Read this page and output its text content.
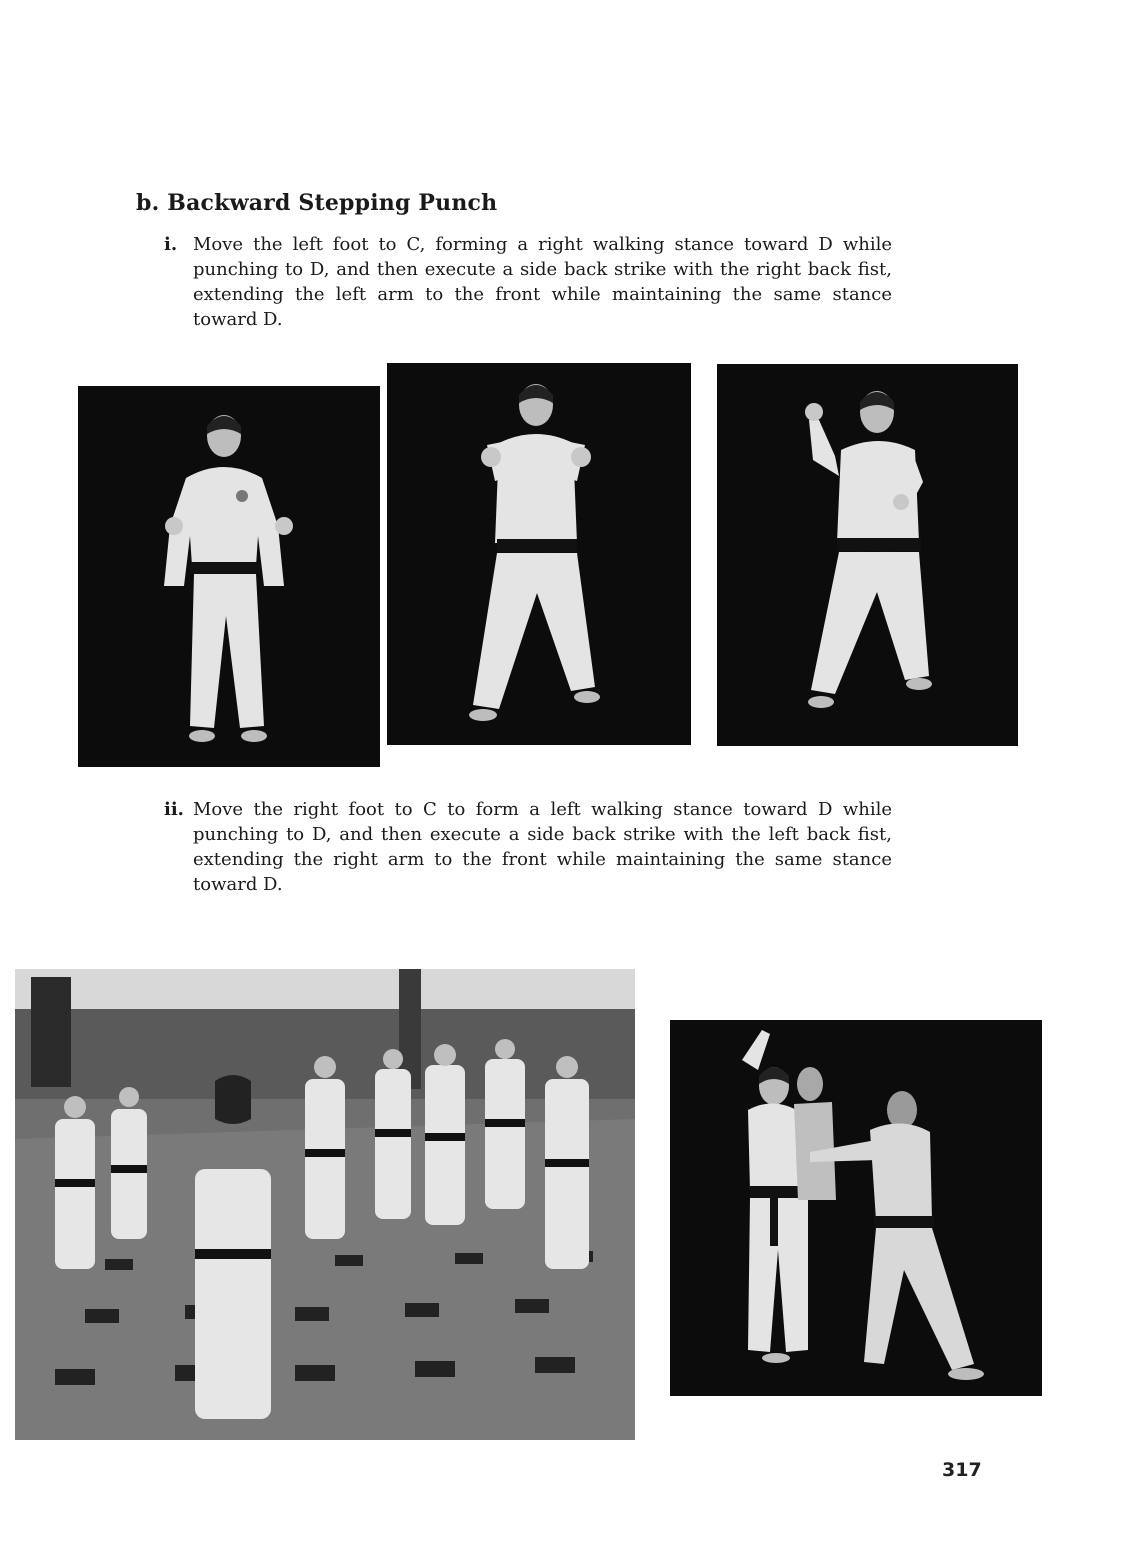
b. Backward Stepping Punch
i. Move the left foot to C, forming a right walking stance toward D while punching to D, and then execute a side back strike with the right back fist, extending the left arm to the front while maintaining the same stance toward D.
ii. Move the right foot to C to form a left walking stance toward D while punching to D, and then execute a side back strike with the left back fist, extending the right arm to the front while maintaining the same stance toward D.
317
